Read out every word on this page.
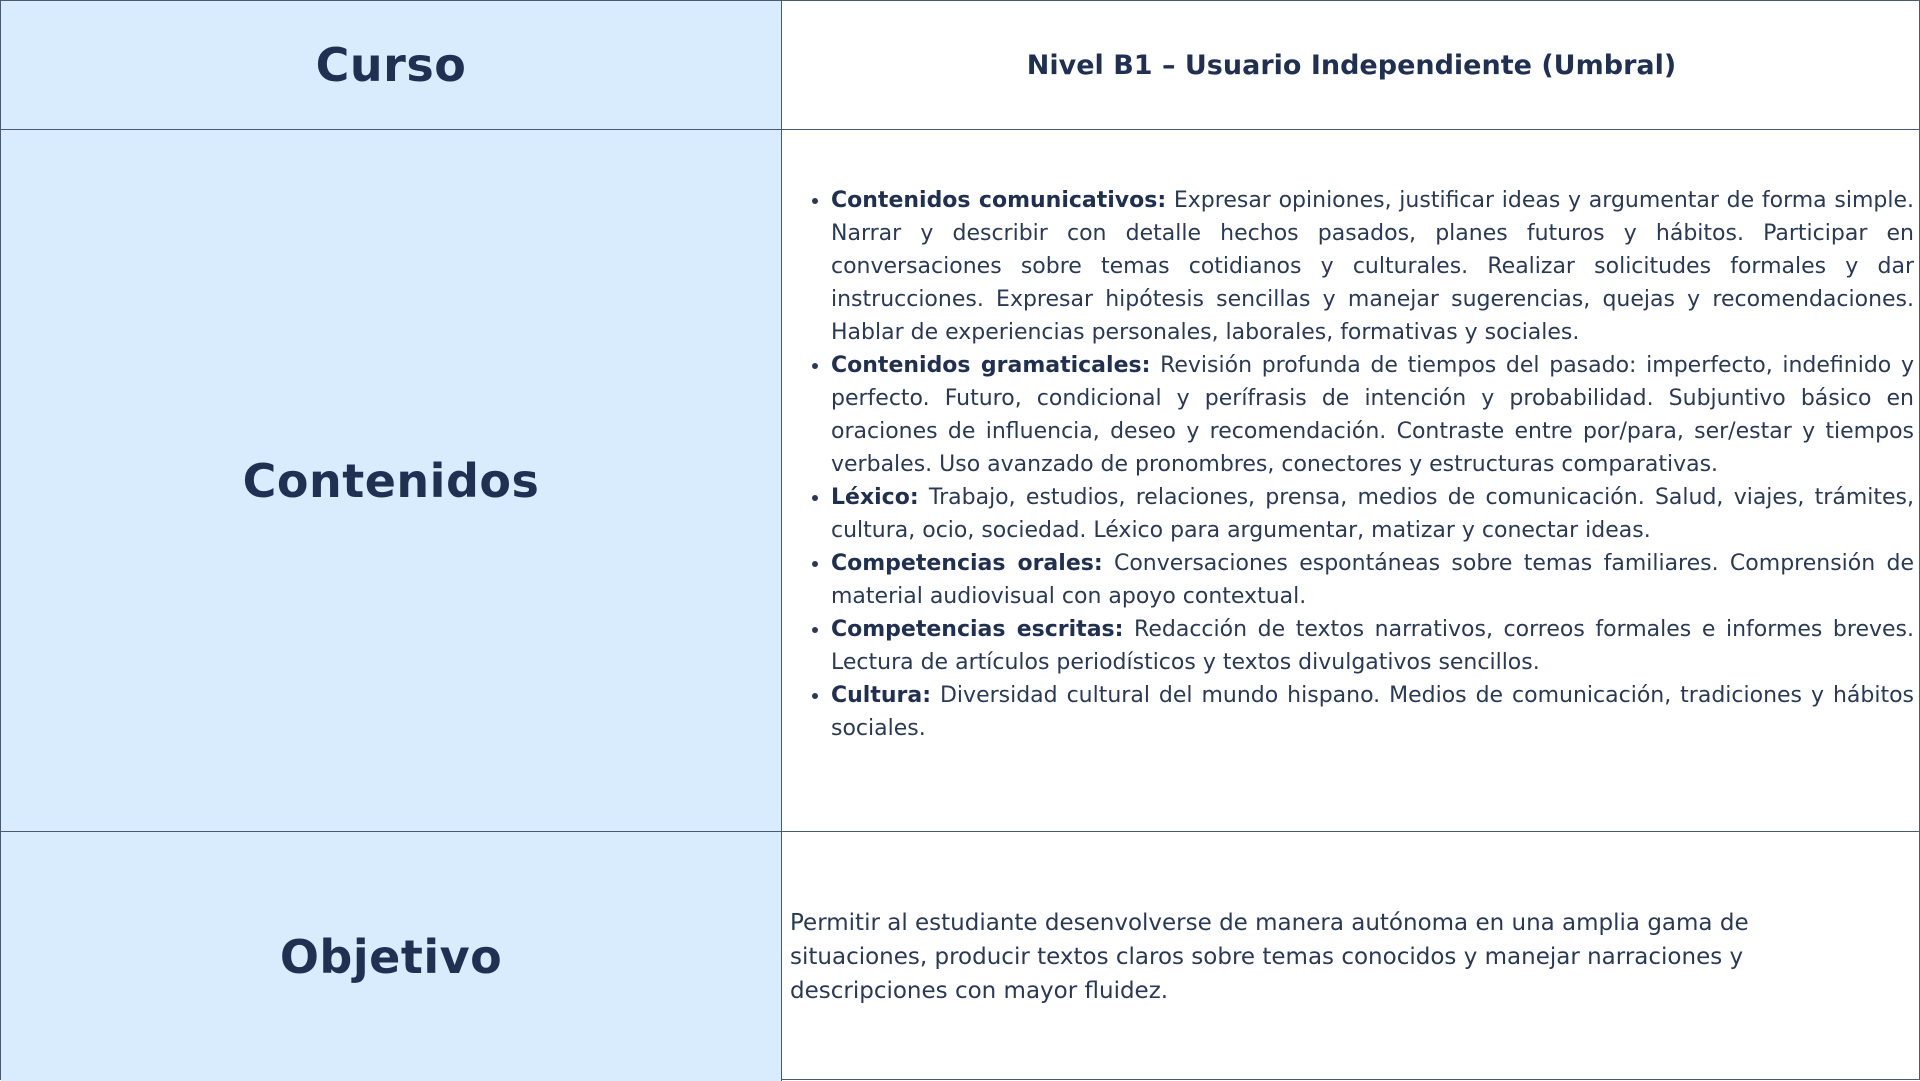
Curso	Nivel B1 – Usuario Independiente (Umbral)
Contenidos
• Contenidos comunicativos: Expresar opiniones, justificar ideas y argumentar de forma simple. Narrar y describir con detalle hechos pasados, planes futuros y hábitos. Participar en conversaciones sobre temas cotidianos y culturales. Realizar solicitudes formales y dar instrucciones. Expresar hipótesis sencillas y manejar sugerencias, quejas y recomendaciones. Hablar de experiencias personales, laborales, formativas y sociales.
• Contenidos gramaticales: Revisión profunda de tiempos del pasado: imperfecto, indefinido y perfecto. Futuro, condicional y perífrasis de intención y probabilidad. Subjuntivo básico en oraciones de influencia, deseo y recomendación. Contraste entre por/para, ser/estar y tiempos verbales. Uso avanzado de pronombres, conectores y estructuras comparativas.
• Léxico: Trabajo, estudios, relaciones, prensa, medios de comunicación. Salud, viajes, trámites, cultura, ocio, sociedad. Léxico para argumentar, matizar y conectar ideas.
• Competencias orales: Conversaciones espontáneas sobre temas familiares. Comprensión de material audiovisual con apoyo contextual.
• Competencias escritas: Redacción de textos narrativos, correos formales e informes breves. Lectura de artículos periodísticos y textos divulgativos sencillos.
• Cultura: Diversidad cultural del mundo hispano. Medios de comunicación, tradiciones y hábitos sociales.
Objetivo

Permitir al estudiante desenvolverse de manera autónoma en una amplia gama de situaciones, producir textos claros sobre temas conocidos y manejar narraciones y descripciones con mayor fluidez.
